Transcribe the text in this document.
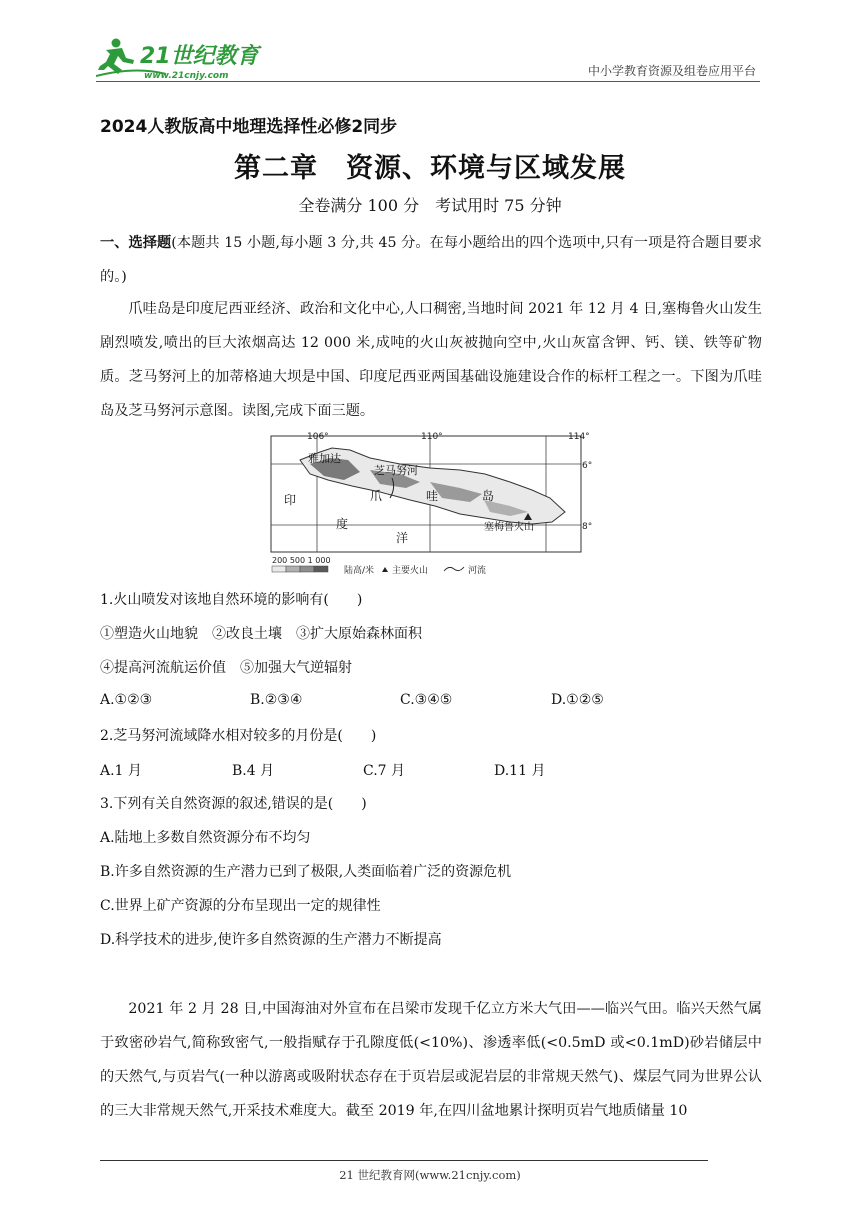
21世纪教育
www.21cnjy.com	中小学教育资源及组卷应用平台
2024人教版高中地理选择性必修2同步
第二章　资源、环境与区域发展
全卷满分 100 分　考试用时 75 分钟
一、选择题(本题共 15 小题,每小题 3 分,共 45 分。在每小题给出的四个选项中,只有一项是符合题目要求的。)
爪哇岛是印度尼西亚经济、政治和文化中心,人口稠密,当地时间 2021 年 12 月 4 日,塞梅鲁火山发生剧烈喷发,喷出的巨大浓烟高达 12 000 米,成吨的火山灰被抛向空中,火山灰富含钾、钙、镁、铁等矿物质。芝马努河上的加蒂格迪大坝是中国、印度尼西亚两国基础设施建设合作的标杆工程之一。下图为爪哇岛及芝马努河示意图。读图,完成下面三题。
106°	110°	114°
6°
8°
雅加达
芝马努河
爪	哇	岛
印
度
洋
塞梅鲁火山
200 500 1 000
陆高/米 主要火山	河流
1.火山喷发对该地自然环境的影响有(　　)
①塑造火山地貌　②改良土壤　③扩大原始森林面积
④提高河流航运价值　⑤加强大气逆辐射
A.①②③	B.②③④	C.③④⑤	D.①②⑤
2.芝马努河流域降水相对较多的月份是(　　)
A.1 月	B.4 月	C.7 月	D.11 月
3.下列有关自然资源的叙述,错误的是(　　)
A.陆地上多数自然资源分布不均匀
B.许多自然资源的生产潜力已到了极限,人类面临着广泛的资源危机
C.世界上矿产资源的分布呈现出一定的规律性
D.科学技术的进步,使许多自然资源的生产潜力不断提高
2021 年 2 月 28 日,中国海油对外宣布在吕梁市发现千亿立方米大气田——临兴气田。临兴天然气属于致密砂岩气,简称致密气,一般指赋存于孔隙度低(<10%)、渗透率低(<0.5mD 或<0.1mD)砂岩储层中的天然气,与页岩气(一种以游离或吸附状态存在于页岩层或泥岩层的非常规天然气)、煤层气同为世界公认的三大非常规天然气,开采技术难度大。截至 2019 年,在四川盆地累计探明页岩气地质储量 10
21 世纪教育网(www.21cnjy.com)
